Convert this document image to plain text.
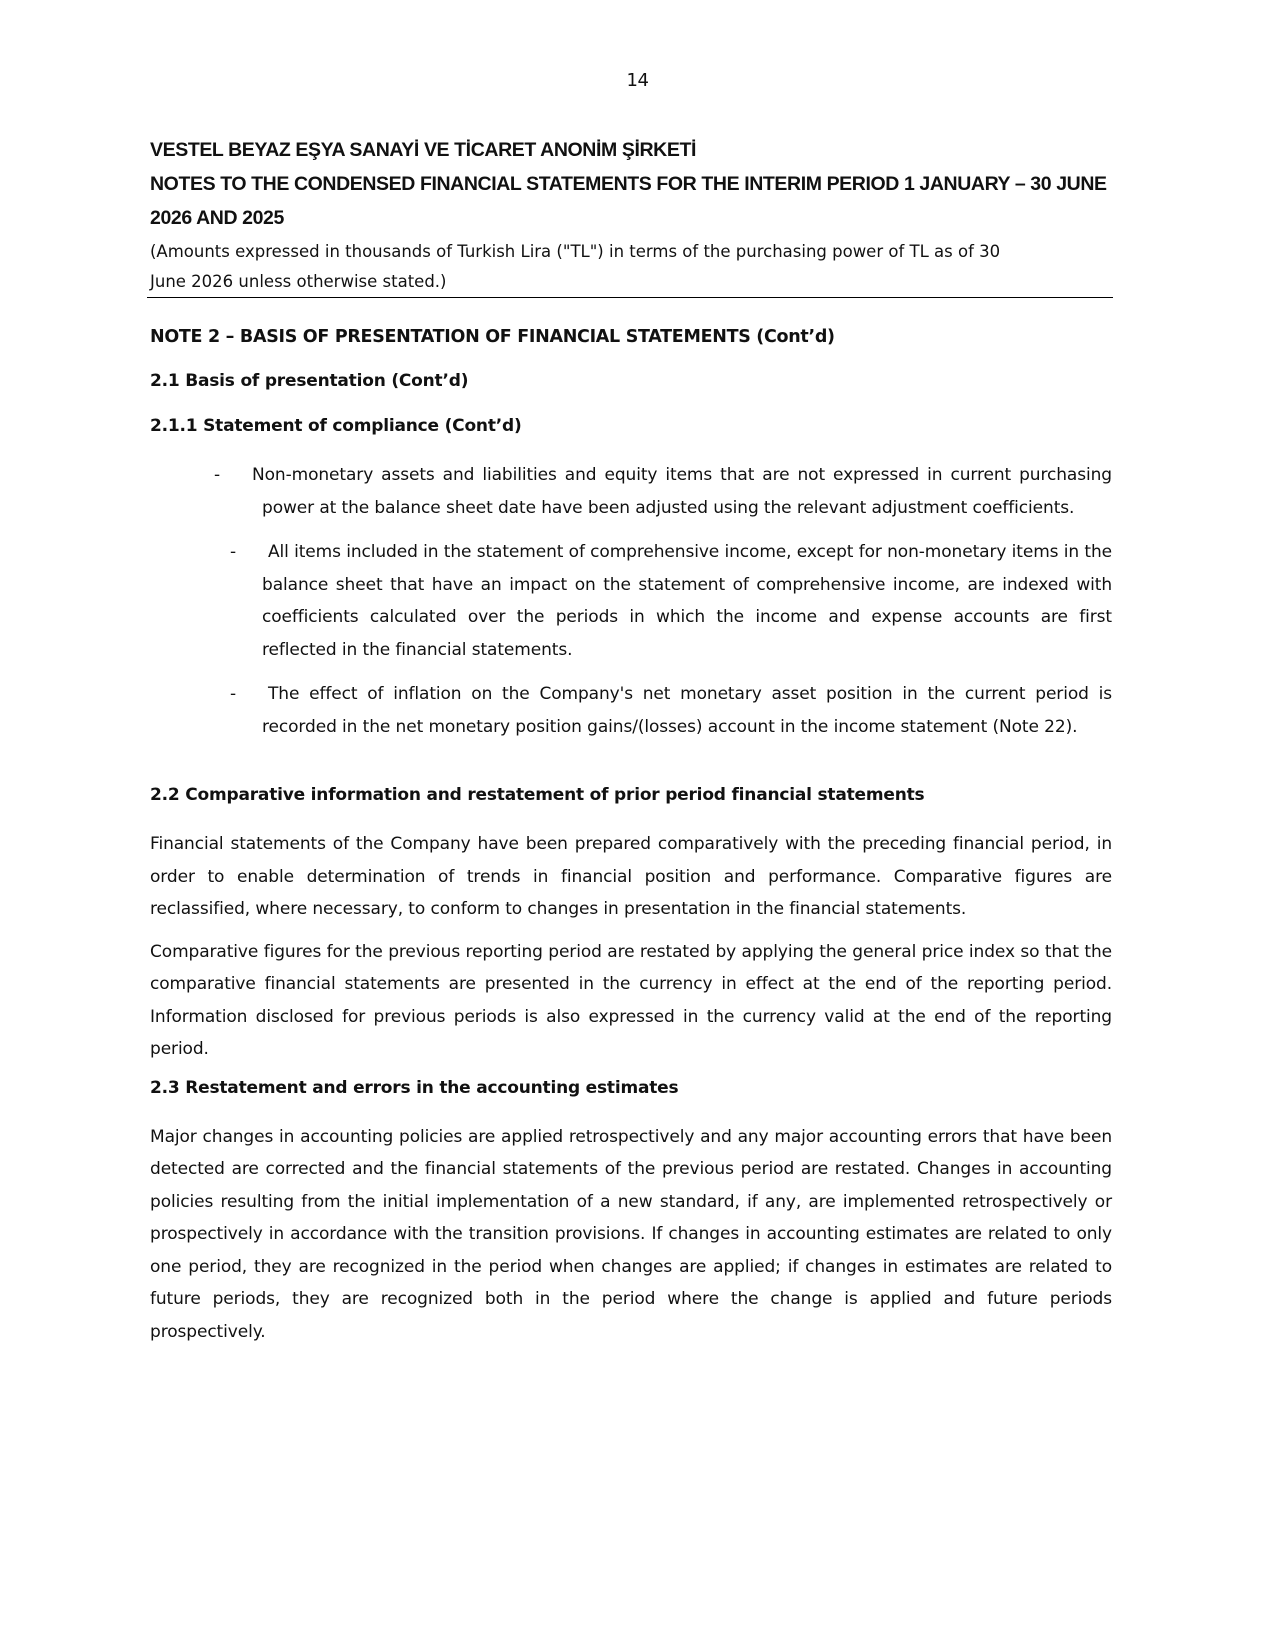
14

VESTEL BEYAZ EŞYA SANAYİ VE TİCARET ANONİM ŞİRKETİ

NOTES TO THE CONDENSED FINANCIAL STATEMENTS FOR THE INTERIM PERIOD 1 JANUARY – 30 JUNE 2026 AND 2025

(Amounts expressed in thousands of Turkish Lira ("TL") in terms of the purchasing power of TL as of 30 June 2026 unless otherwise stated.)

NOTE 2 – BASIS OF PRESENTATION OF FINANCIAL STATEMENTS (Cont’d)
2.1 Basis of presentation (Cont’d)
2.1.1 Statement of compliance (Cont’d)
- Non-monetary assets and liabilities and equity items that are not expressed in current purchasing power at the balance sheet date have been adjusted using the relevant adjustment coefficients.
- All items included in the statement of comprehensive income, except for non-monetary items in the balance sheet that have an impact on the statement of comprehensive income, are indexed with coefficients calculated over the periods in which the income and expense accounts are first reflected in the financial statements.
- The effect of inflation on the Company's net monetary asset position in the current period is recorded in the net monetary position gains/(losses) account in the income statement (Note 22).
2.2 Comparative information and restatement of prior period financial statements

Financial statements of the Company have been prepared comparatively with the preceding financial period, in order to enable determination of trends in financial position and performance. Comparative figures are reclassified, where necessary, to conform to changes in presentation in the financial statements.

Comparative figures for the previous reporting period are restated by applying the general price index so that the comparative financial statements are presented in the currency in effect at the end of the reporting period. Information disclosed for previous periods is also expressed in the currency valid at the end of the reporting period.

2.3 Restatement and errors in the accounting estimates

Major changes in accounting policies are applied retrospectively and any major accounting errors that have been detected are corrected and the financial statements of the previous period are restated. Changes in accounting policies resulting from the initial implementation of a new standard, if any, are implemented retrospectively or prospectively in accordance with the transition provisions. If changes in accounting estimates are related to only one period, they are recognized in the period when changes are applied; if changes in estimates are related to future periods, they are recognized both in the period where the change is applied and future periods prospectively.
